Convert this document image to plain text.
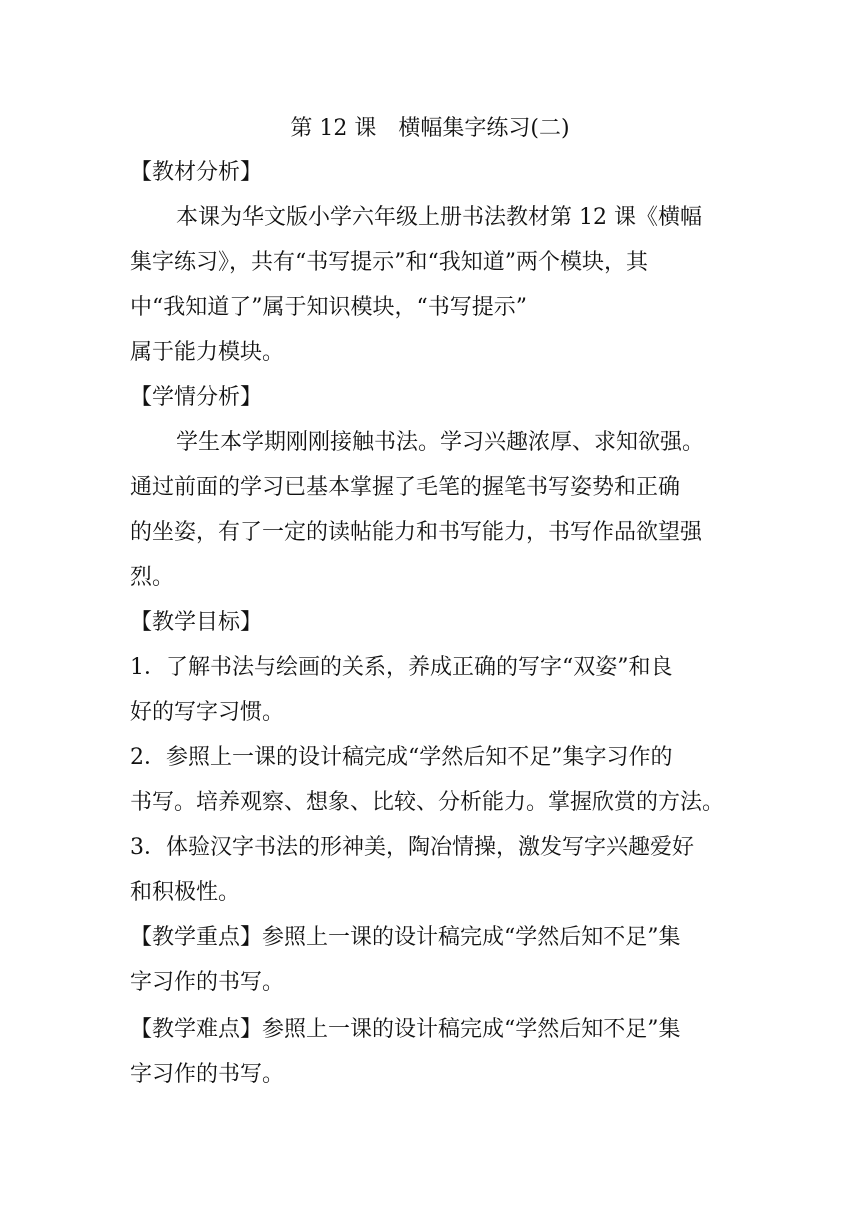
第 12 课　横幅集字练习(二)
【教材分析】
本课为华文版小学六年级上册书法教材第 12 课《横幅
集字练习》，共有“书写提示”和“我知道”两个模块，其
中“我知道了”属于知识模块，“书写提示”
属于能力模块。
【学情分析】
学生本学期刚刚接触书法。学习兴趣浓厚、求知欲强。
通过前面的学习已基本掌握了毛笔的握笔书写姿势和正确
的坐姿，有了一定的读帖能力和书写能力，书写作品欲望强
烈。
【教学目标】
1．了解书法与绘画的关系，养成正确的写字“双姿”和良
好的写字习惯。
2．参照上一课的设计稿完成“学然后知不足”集字习作的
书写。培养观察、想象、比较、分析能力。掌握欣赏的方法。
3．体验汉字书法的形神美，陶冶情操，激发写字兴趣爱好
和积极性。
【教学重点】参照上一课的设计稿完成“学然后知不足”集
字习作的书写。
【教学难点】参照上一课的设计稿完成“学然后知不足”集
字习作的书写。
